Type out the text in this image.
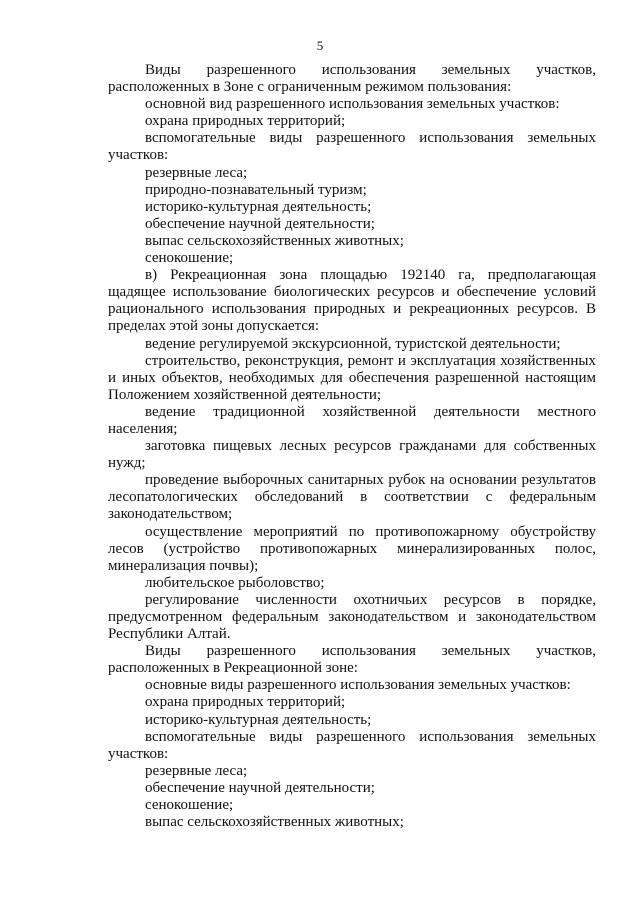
5

Виды разрешенного использования земельных участков, расположенных в Зоне с ограниченным режимом пользования:

основной вид разрешенного использования земельных участков:

охрана природных территорий;

вспомогательные виды разрешенного использования земельных участков:

резервные леса;

природно-познавательный туризм;

историко-культурная деятельность;

обеспечение научной деятельности;

выпас сельскохозяйственных животных;

сенокошение;

в) Рекреационная зона площадью 192140 га, предполагающая щадящее использование биологических ресурсов и обеспечение условий рационального использования природных и рекреационных ресурсов. В пределах этой зоны допускается:

ведение регулируемой экскурсионной, туристской деятельности;

строительство, реконструкция, ремонт и эксплуатация хозяйственных и иных объектов, необходимых для обеспечения разрешенной настоящим Положением хозяйственной деятельности;

ведение традиционной хозяйственной деятельности местного населения;

заготовка пищевых лесных ресурсов гражданами для собственных нужд;

проведение выборочных санитарных рубок на основании результатов лесопатологических обследований в соответствии с федеральным законодательством;

осуществление мероприятий по противопожарному обустройству лесов (устройство противопожарных минерализированных полос, минерализация почвы);

любительское рыболовство;

регулирование численности охотничьих ресурсов в порядке, предусмотренном федеральным законодательством и законодательством Республики Алтай.

Виды разрешенного использования земельных участков, расположенных в Рекреационной зоне:

основные виды разрешенного использования земельных участков:

охрана природных территорий;

историко-культурная деятельность;

вспомогательные виды разрешенного использования земельных участков:

резервные леса;

обеспечение научной деятельности;

сенокошение;

выпас сельскохозяйственных животных;
